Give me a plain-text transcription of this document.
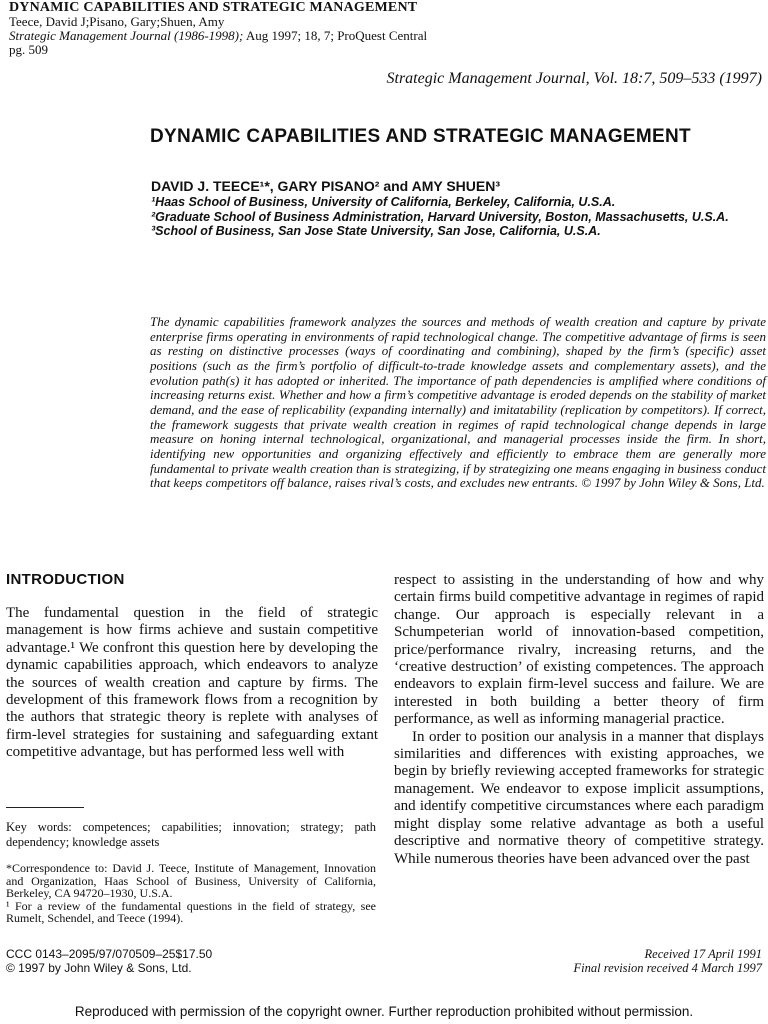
DYNAMIC CAPABILITIES AND STRATEGIC MANAGEMENT
Teece, David J;Pisano, Gary;Shuen, Amy
Strategic Management Journal (1986-1998); Aug 1997; 18, 7; ProQuest Central
pg. 509
Strategic Management Journal, Vol. 18:7, 509–533 (1997)
DYNAMIC CAPABILITIES AND STRATEGIC MANAGEMENT
DAVID J. TEECE¹*, GARY PISANO² and AMY SHUEN³
¹Haas School of Business, University of California, Berkeley, California, U.S.A.
²Graduate School of Business Administration, Harvard University, Boston, Massachusetts, U.S.A.
³School of Business, San Jose State University, San Jose, California, U.S.A.
The dynamic capabilities framework analyzes the sources and methods of wealth creation and capture by private enterprise firms operating in environments of rapid technological change. The competitive advantage of firms is seen as resting on distinctive processes (ways of coordinating and combining), shaped by the firm’s (specific) asset positions (such as the firm’s portfolio of difficult-to-trade knowledge assets and complementary assets), and the evolution path(s) it has adopted or inherited. The importance of path dependencies is amplified where conditions of increasing returns exist. Whether and how a firm’s competitive advantage is eroded depends on the stability of market demand, and the ease of replicability (expanding internally) and imitatability (replication by competitors). If correct, the framework suggests that private wealth creation in regimes of rapid technological change depends in large measure on honing internal technological, organizational, and managerial processes inside the firm. In short, identifying new opportunities and organizing effectively and efficiently to embrace them are generally more fundamental to private wealth creation than is strategizing, if by strategizing one means engaging in business conduct that keeps competitors off balance, raises rival’s costs, and excludes new entrants. © 1997 by John Wiley & Sons, Ltd.
INTRODUCTION
The fundamental question in the field of strategic management is how firms achieve and sustain competitive advantage.¹ We confront this question here by developing the dynamic capabilities approach, which endeavors to analyze the sources of wealth creation and capture by firms. The development of this framework flows from a recognition by the authors that strategic theory is replete with analyses of firm-level strategies for sustaining and safeguarding extant competitive advantage, but has performed less well with

respect to assisting in the understanding of how and why certain firms build competitive advantage in regimes of rapid change. Our approach is especially relevant in a Schumpeterian world of innovation-based competition, price/performance rivalry, increasing returns, and the ‘creative destruction’ of existing competences. The approach endeavors to explain firm-level success and failure. We are interested in both building a better theory of firm performance, as well as informing managerial practice.

In order to position our analysis in a manner that displays similarities and differences with existing approaches, we begin by briefly reviewing accepted frameworks for strategic management. We endeavor to expose implicit assumptions, and identify competitive circumstances where each paradigm might display some relative advantage as both a useful descriptive and normative theory of competitive strategy. While numerous theories have been advanced over the past

Key words: competences; capabilities; innovation; strategy; path dependency; knowledge assets

*Correspondence to: David J. Teece, Institute of Management, Innovation and Organization, Haas School of Business, University of California, Berkeley, CA 94720–1930, U.S.A.

¹ For a review of the fundamental questions in the field of strategy, see Rumelt, Schendel, and Teece (1994).

CCC 0143–2095/97/070509–25$17.50
© 1997 by John Wiley & Sons, Ltd.
Received 17 April 1991
Final revision received 4 March 1997
Reproduced with permission of the copyright owner. Further reproduction prohibited without permission.
